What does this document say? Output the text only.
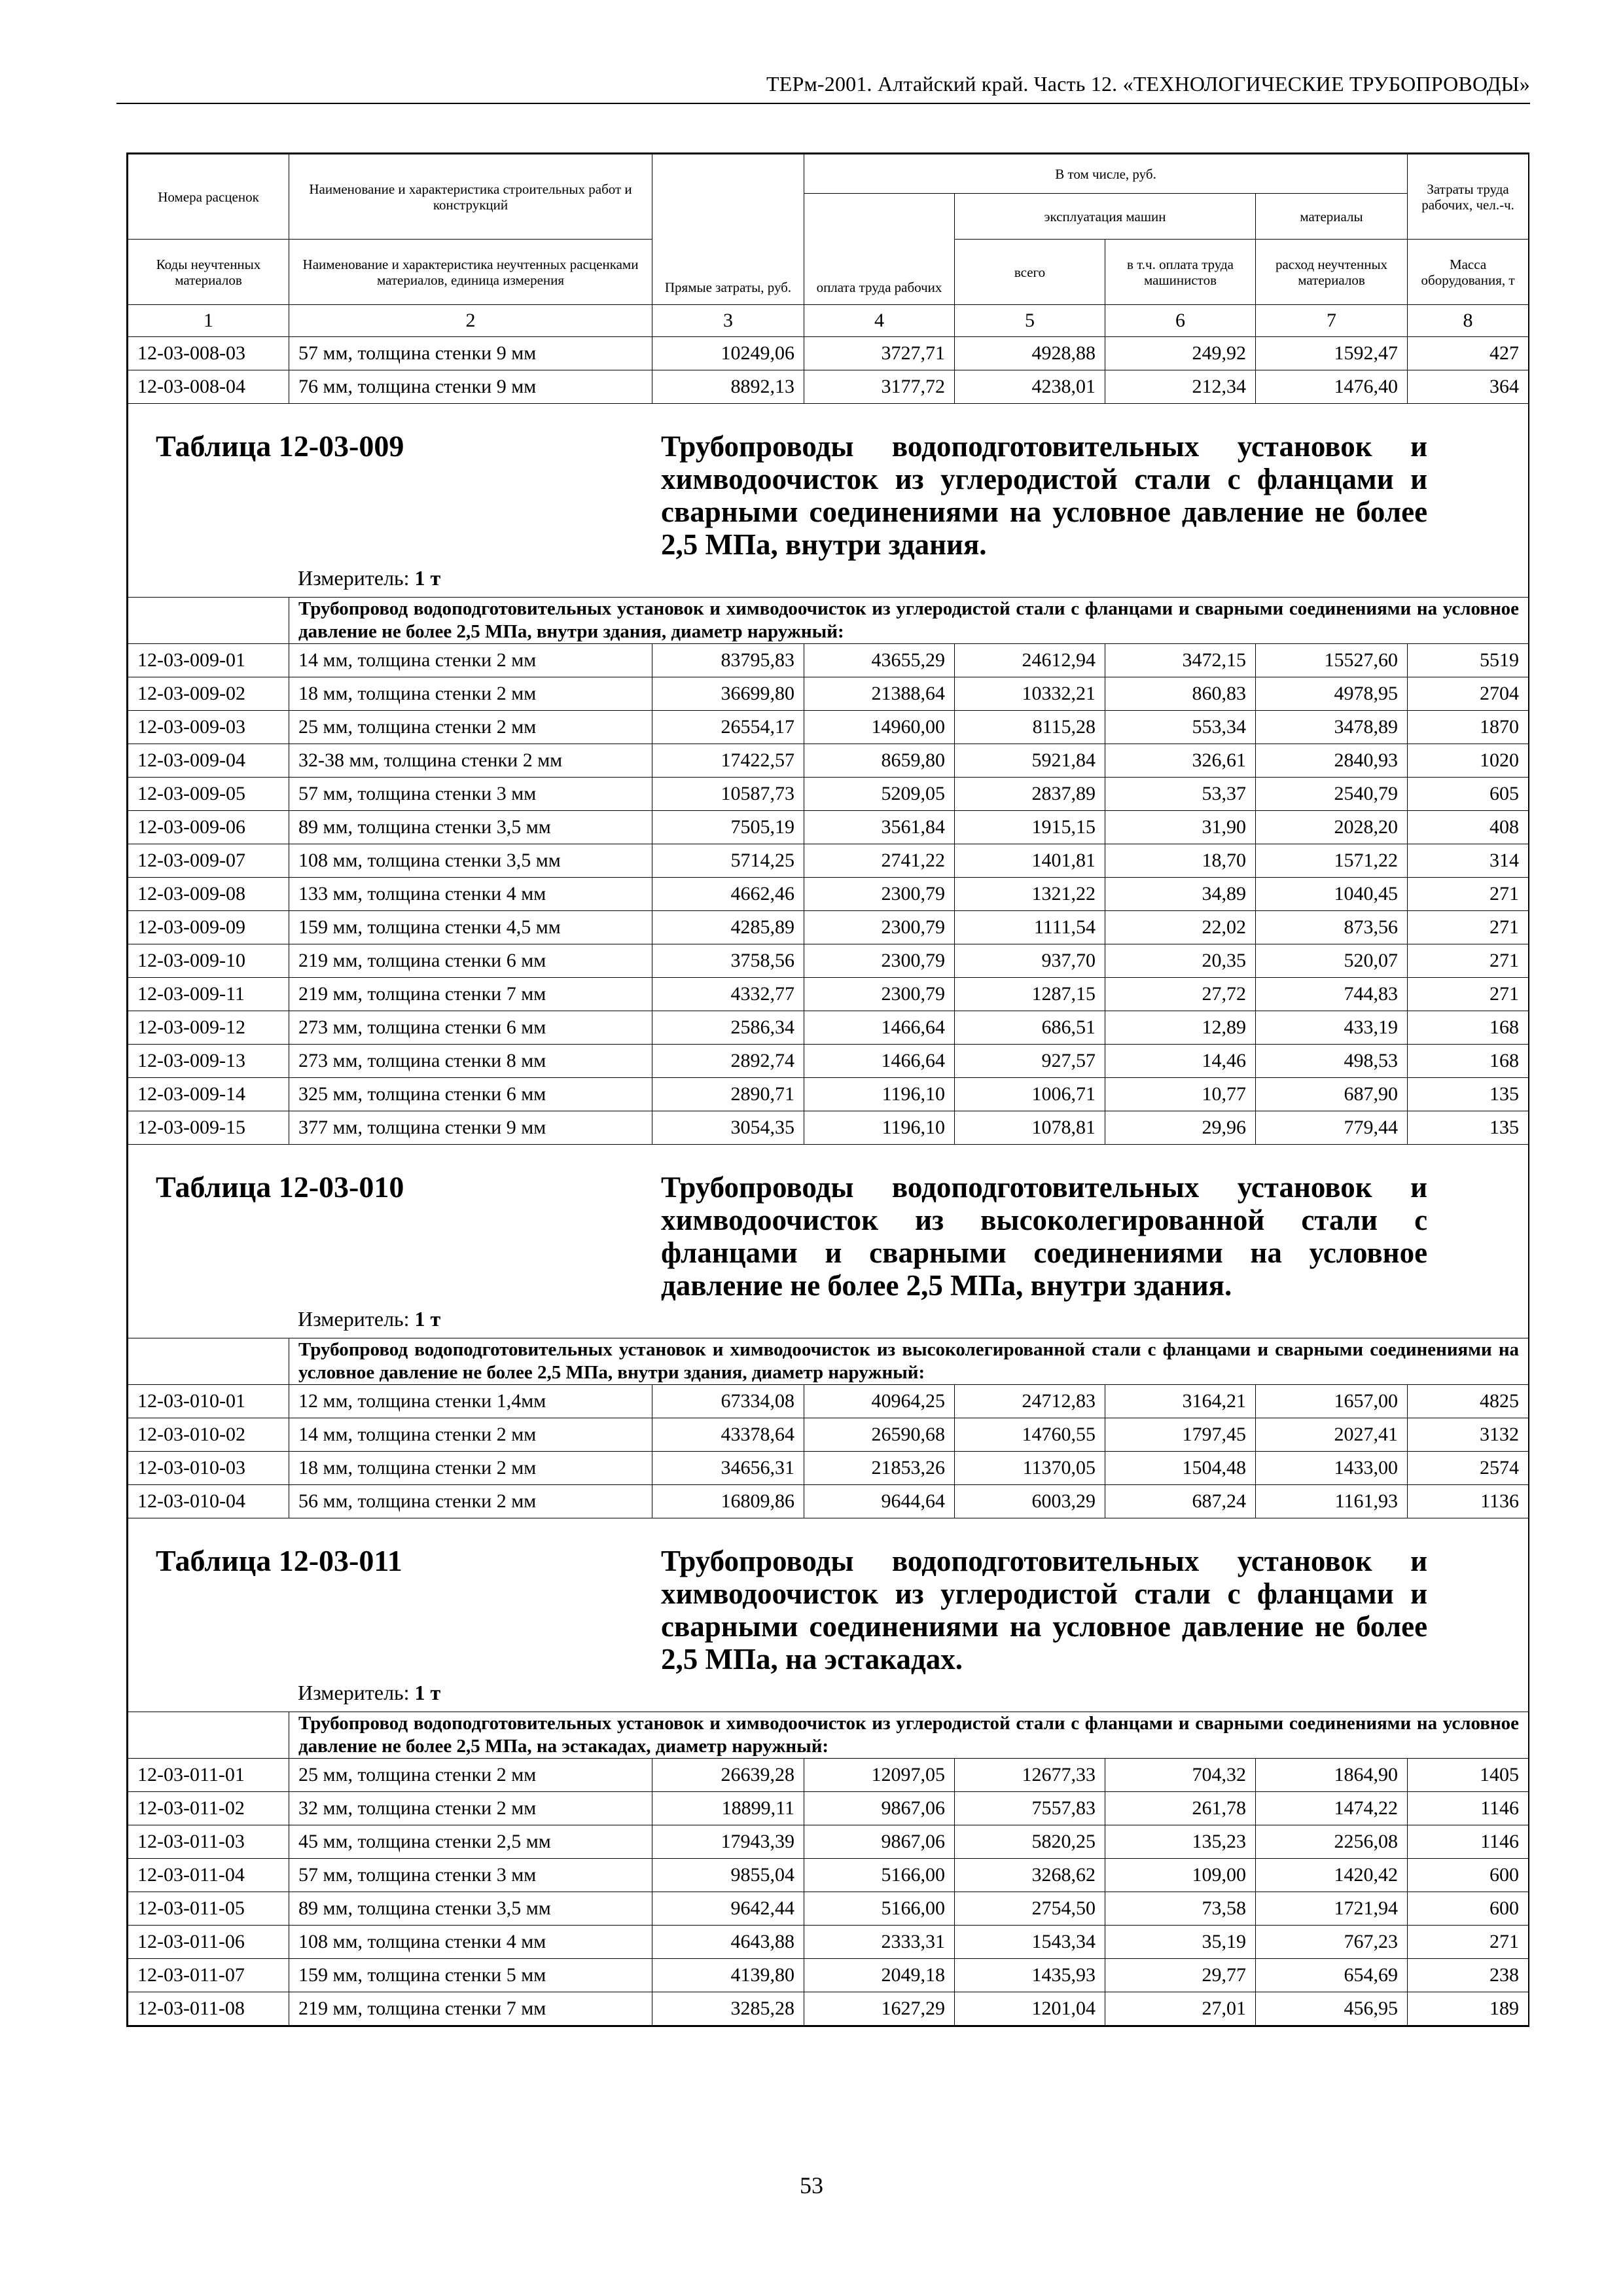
ТЕРм-2001. Алтайский край. Часть 12. «ТЕХНОЛОГИЧЕСКИЕ ТРУБОПРОВОДЫ»
Номера расценок	Наименование и характеристика строительных работ и конструкций	Прямые затраты, руб.	В том числе, руб.				Затраты труда рабочих, чел.-ч.
			оплата труда рабочих	эксплуатация машин		материалы	
Коды неучтенных материалов	Наименование и характеристика неучтенных расценками материалов, единица измерения			всего	в т.ч. оплата труда машинистов	расход неучтенных материалов	Масса оборудования, т
1	2	3	4	5	6	7	8
12-03-008-03	57 мм, толщина стенки 9 мм	10249,06	3727,71	4928,88	249,92	1592,47	427
12-03-008-04	76 мм, толщина стенки 9 мм	8892,13	3177,72	4238,01	212,34	1476,40	364

Таблица 12-03-009 Трубопроводы водоподготовительных установок и химводоочисток из углеродистой стали с фланцами и сварными соединениями на условное давление не более 2,5 МПа, внутри здания.
Измеритель: 1 т							

	Трубопровод водоподготовительных установок и химводоочисток из углеродистой стали с фланцами и сварными соединениями на условное давление не более 2,5 МПа, внутри здания, диаметр наружный:						
12-03-009-01	14 мм, толщина стенки 2 мм	83795,83	43655,29	24612,94	3472,15	15527,60	5519
12-03-009-02	18 мм, толщина стенки 2 мм	36699,80	21388,64	10332,21	860,83	4978,95	2704
12-03-009-03	25 мм, толщина стенки 2 мм	26554,17	14960,00	8115,28	553,34	3478,89	1870
12-03-009-04	32-38 мм, толщина стенки 2 мм	17422,57	8659,80	5921,84	326,61	2840,93	1020
12-03-009-05	57 мм, толщина стенки 3 мм	10587,73	5209,05	2837,89	53,37	2540,79	605
12-03-009-06	89 мм, толщина стенки 3,5 мм	7505,19	3561,84	1915,15	31,90	2028,20	408
12-03-009-07	108 мм, толщина стенки 3,5 мм	5714,25	2741,22	1401,81	18,70	1571,22	314
12-03-009-08	133 мм, толщина стенки 4 мм	4662,46	2300,79	1321,22	34,89	1040,45	271
12-03-009-09	159 мм, толщина стенки 4,5 мм	4285,89	2300,79	1111,54	22,02	873,56	271
12-03-009-10	219 мм, толщина стенки 6 мм	3758,56	2300,79	937,70	20,35	520,07	271
12-03-009-11	219 мм, толщина стенки 7 мм	4332,77	2300,79	1287,15	27,72	744,83	271
12-03-009-12	273 мм, толщина стенки 6 мм	2586,34	1466,64	686,51	12,89	433,19	168
12-03-009-13	273 мм, толщина стенки 8 мм	2892,74	1466,64	927,57	14,46	498,53	168
12-03-009-14	325 мм, толщина стенки 6 мм	2890,71	1196,10	1006,71	10,77	687,90	135
12-03-009-15	377 мм, толщина стенки 9 мм	3054,35	1196,10	1078,81	29,96	779,44	135

Таблица 12-03-010 Трубопроводы водоподготовительных установок и химводоочисток из высоколегированной стали с фланцами и сварными соединениями на условное давление не более 2,5 МПа, внутри здания.
Измеритель: 1 т							

	Трубопровод водоподготовительных установок и химводоочисток из высоколегированной стали с фланцами и сварными соединениями на условное давление не более 2,5 МПа, внутри здания, диаметр наружный:						
12-03-010-01	12 мм, толщина стенки 1,4мм	67334,08	40964,25	24712,83	3164,21	1657,00	4825
12-03-010-02	14 мм, толщина стенки 2 мм	43378,64	26590,68	14760,55	1797,45	2027,41	3132
12-03-010-03	18 мм, толщина стенки 2 мм	34656,31	21853,26	11370,05	1504,48	1433,00	2574
12-03-010-04	56 мм, толщина стенки 2 мм	16809,86	9644,64	6003,29	687,24	1161,93	1136

Таблица 12-03-011 Трубопроводы водоподготовительных установок и химводоочисток из углеродистой стали с фланцами и сварными соединениями на условное давление не более 2,5 МПа, на эстакадах.
Измеритель: 1 т							

	Трубопровод водоподготовительных установок и химводоочисток из углеродистой стали с фланцами и сварными соединениями на условное давление не более 2,5 МПа, на эстакадах, диаметр наружный:						
12-03-011-01	25 мм, толщина стенки 2 мм	26639,28	12097,05	12677,33	704,32	1864,90	1405
12-03-011-02	32 мм, толщина стенки 2 мм	18899,11	9867,06	7557,83	261,78	1474,22	1146
12-03-011-03	45 мм, толщина стенки 2,5 мм	17943,39	9867,06	5820,25	135,23	2256,08	1146
12-03-011-04	57 мм, толщина стенки 3 мм	9855,04	5166,00	3268,62	109,00	1420,42	600
12-03-011-05	89 мм, толщина стенки 3,5 мм	9642,44	5166,00	2754,50	73,58	1721,94	600
12-03-011-06	108 мм, толщина стенки 4 мм	4643,88	2333,31	1543,34	35,19	767,23	271
12-03-011-07	159 мм, толщина стенки 5 мм	4139,80	2049,18	1435,93	29,77	654,69	238
12-03-011-08	219 мм, толщина стенки 7 мм	3285,28	1627,29	1201,04	27,01	456,95	189
53
